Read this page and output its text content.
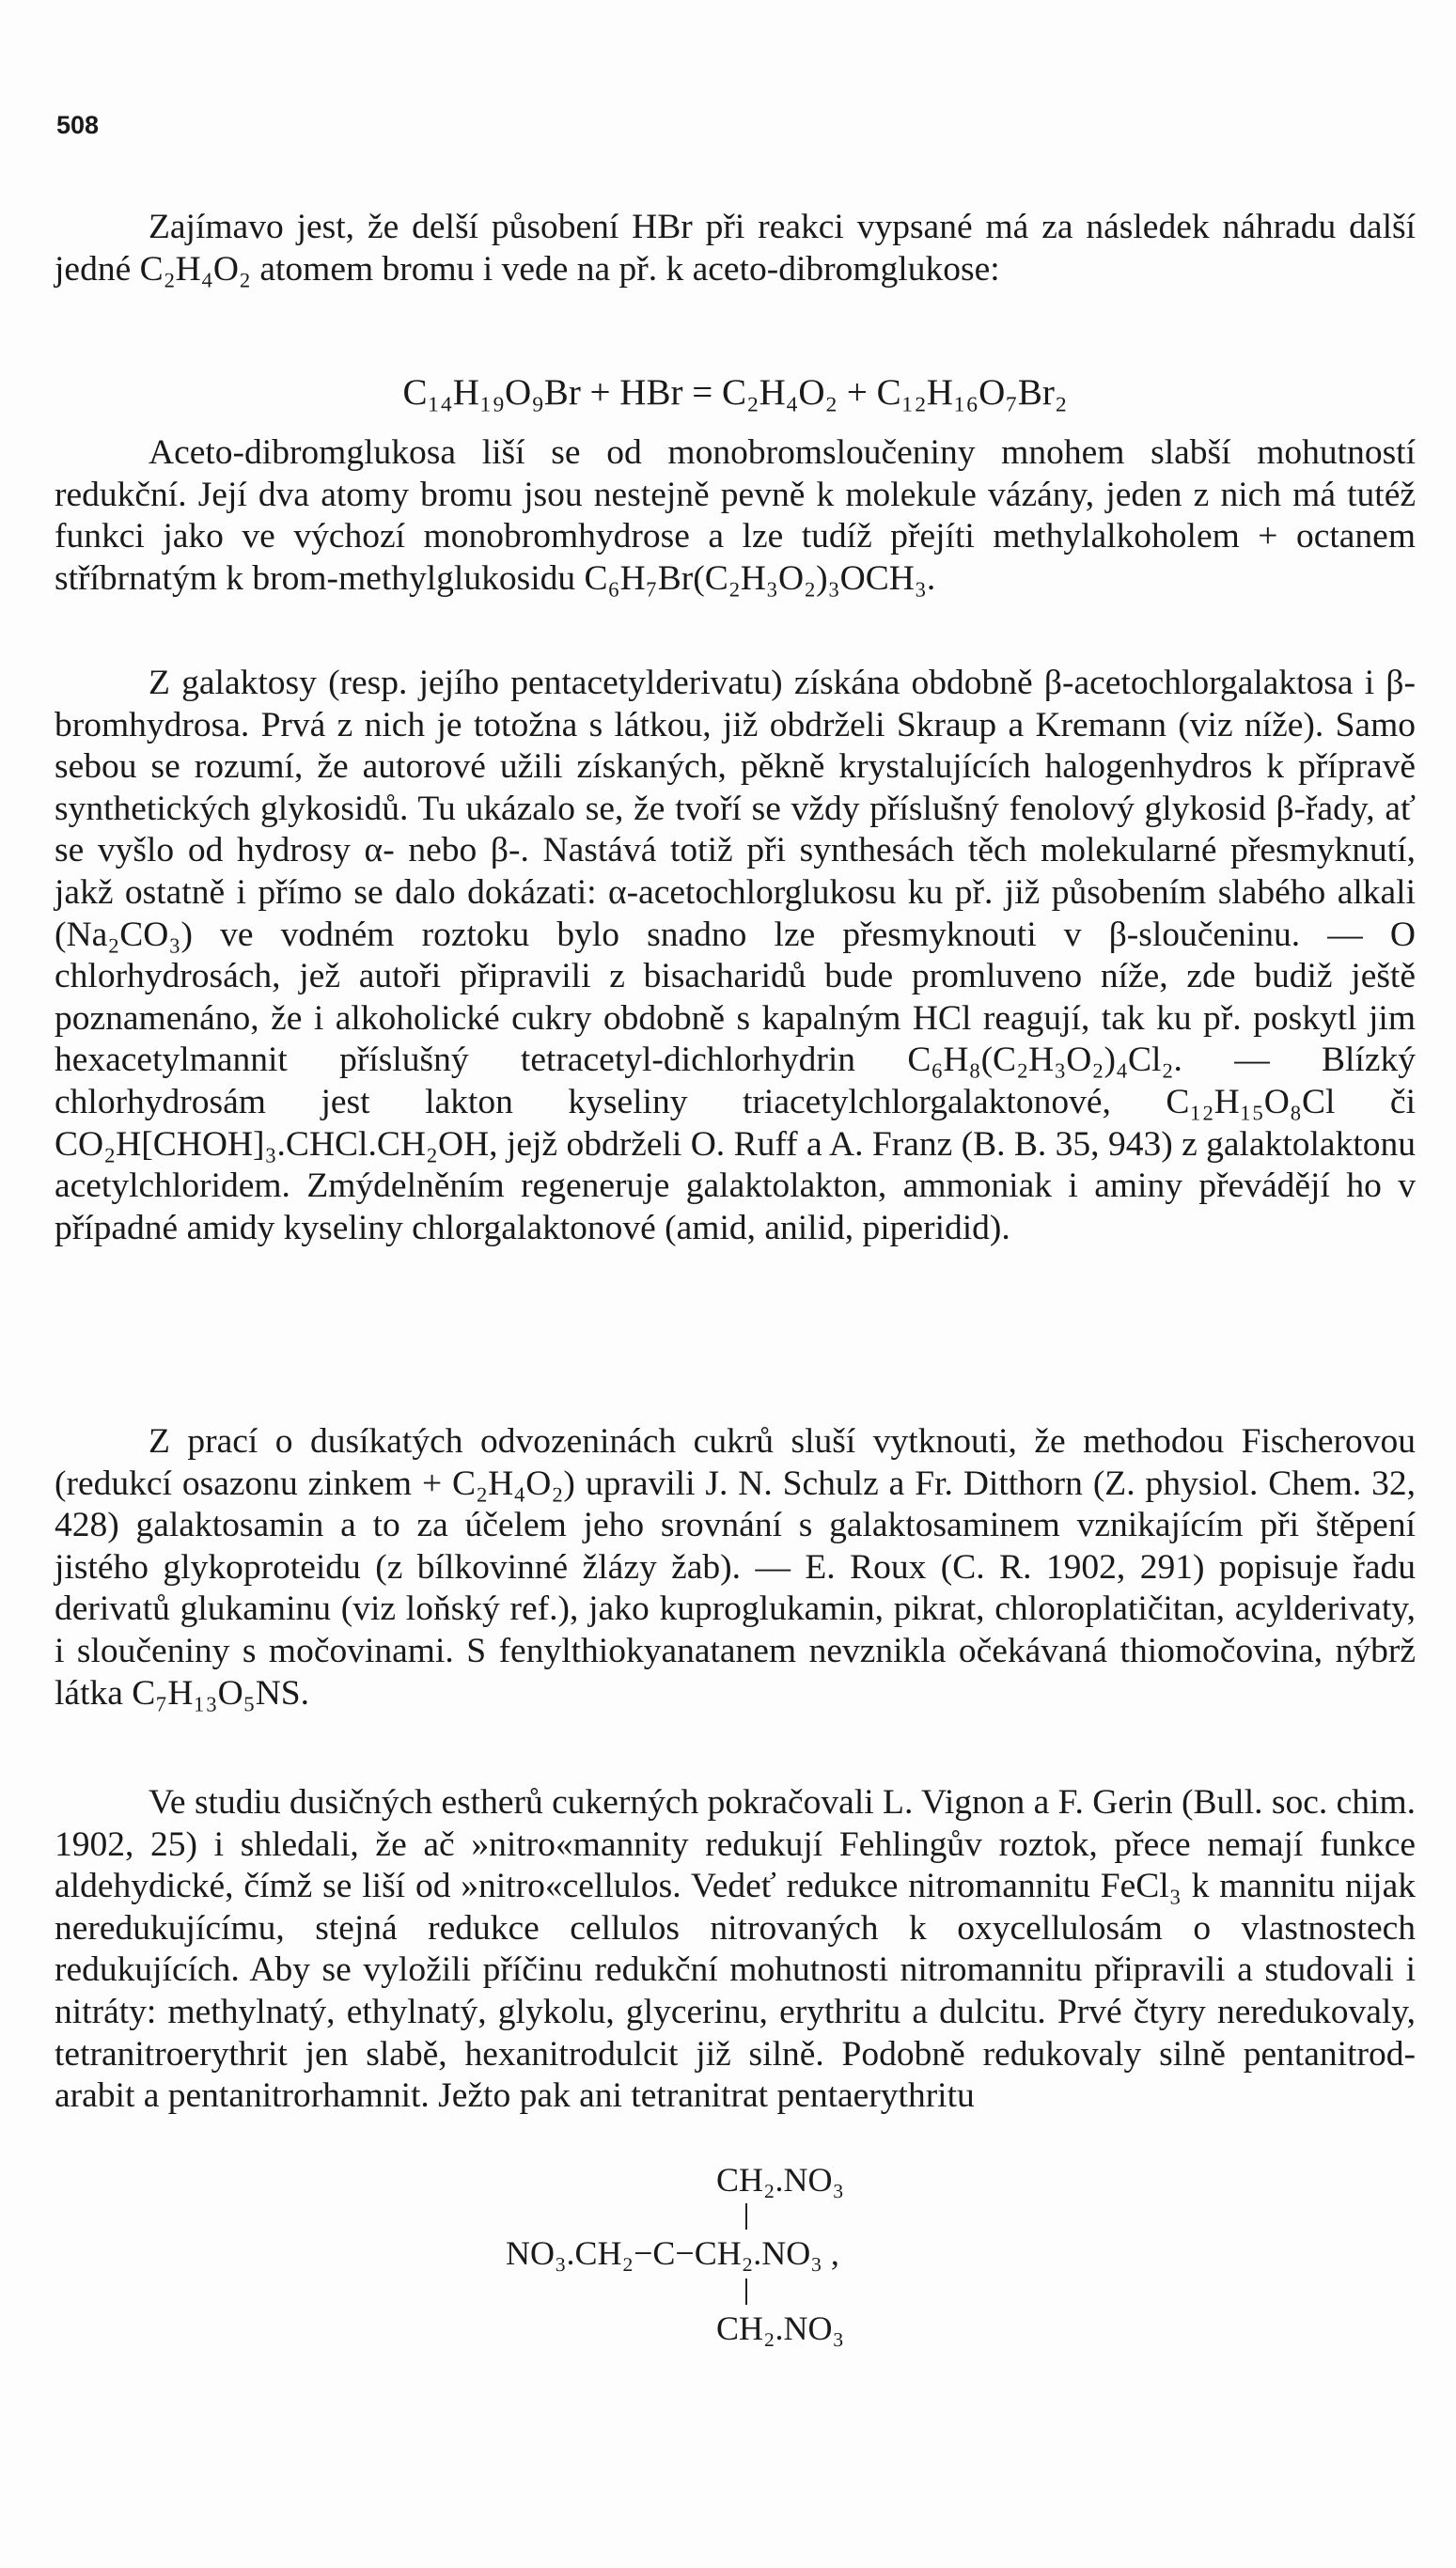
508

Zajímavo jest, že delší působení HBr při reakci vypsané má za následek náhradu další jedné C₂H₄O₂ atomem bromu i vede na př. k aceto-dibromglukose:

C₁₄H₁₉O₉Br + HBr = C₂H₄O₂ + C₁₂H₁₆O₇Br₂

Aceto-dibromglukosa liší se od monobromsloučeniny mnohem slabší mohutností redukční. Její dva atomy bromu jsou nestejně pevně k molekule vázány, jeden z nich má tutéž funkci jako ve výchozí monobromhydrose a lze tudíž přejíti methylalkoholem + octanem stříbrnatým k brom-methylglukosidu C₆H₇Br(C₂H₃O₂)₃OCH₃.

Z galaktosy (resp. jejího pentacetylderivatu) získána obdobně β-acetochlorgalaktosa i β-bromhydrosa. Prvá z nich je totožna s látkou, již obdrželi Skraup a Kremann (viz níže). Samo sebou se rozumí, že autorové užili získaných, pěkně krystalujících halogenhydros k přípravě synthetických glykosidů. Tu ukázalo se, že tvoří se vždy příslušný fenolový glykosid β-řady, ať se vyšlo od hydrosy α- nebo β-. Nastává totiž při synthesách těch molekularné přesmyknutí, jakž ostatně i přímo se dalo dokázati: α-acetochlorglukosu ku př. již působením slabého alkali (Na₂CO₃) ve vodném roztoku bylo snadno lze přesmyknouti v β-sloučeninu. — O chlorhydrosách, jež autoři připravili z bisacharidů bude promluveno níže, zde budiž ještě poznamenáno, že i alkoholické cukry obdobně s kapalným HCl reagují, tak ku př. poskytl jim hexacetylmannit příslušný tetracetyl-dichlorhydrin C₆H₈(C₂H₃O₂)₄Cl₂. — Blízký chlorhydrosám jest lakton kyseliny triacetylchlorgalaktonové, C₁₂H₁₅O₈Cl či CO₂H[CHOH]₃.CHCl.CH₂OH, jejž obdrželi O. Ruff a A. Franz (B. B. 35, 943) z galaktolaktonu acetylchloridem. Zmýdelněním regeneruje galaktolakton, ammoniak i aminy převádějí ho v případné amidy kyseliny chlorgalaktonové (amid, anilid, piperidid).

Z prací o dusíkatých odvozeninách cukrů sluší vytknouti, že methodou Fischerovou (redukcí osazonu zinkem + C₂H₄O₂) upravili J. N. Schulz a Fr. Ditthorn (Z. physiol. Chem. 32, 428) galaktosamin a to za účelem jeho srovnání s galaktosaminem vznikajícím při štěpení jistého glykoproteidu (z bílkovinné žlázy žab). — E. Roux (C. R. 1902, 291) popisuje řadu derivatů glukaminu (viz loňský ref.), jako kuproglukamin, pikrat, chloroplatičitan, acylderivaty, i sloučeniny s močovinami. S fenylthiokyanatanem nevznikla očekávaná thiomočovina, nýbrž látka C₇H₁₃O₅NS.

Ve studiu dusičných estherů cukerných pokračovali L. Vignon a F. Gerin (Bull. soc. chim. 1902, 25) i shledali, že ač »nitro«mannity redukují Fehlingův roztok, přece nemají funkce aldehydické, čímž se liší od »nitro«cellulos. Vedeť redukce nitromannitu FeCl₃ k mannitu nijak neredukujícímu, stejná redukce cellulos nitrovaných k oxycellulosám o vlastnostech redukujících. Aby se vyložili příčinu redukční mohutnosti nitromannitu připravili a studovali i nitráty: methylnatý, ethylnatý, glykolu, glycerinu, erythritu a dulcitu. Prvé čtyry neredukovaly, tetranitroerythrit jen slabě, hexanitrodulcit již silně. Podobně redukovaly silně pentanitrod-arabit a pentanitrorhamnit. Ježto pak ani tetranitrat pentaerythritu

CH₂.NO₃
NO₃.CH₂−C−CH₂.NO₃ ,
CH₂.NO₃
